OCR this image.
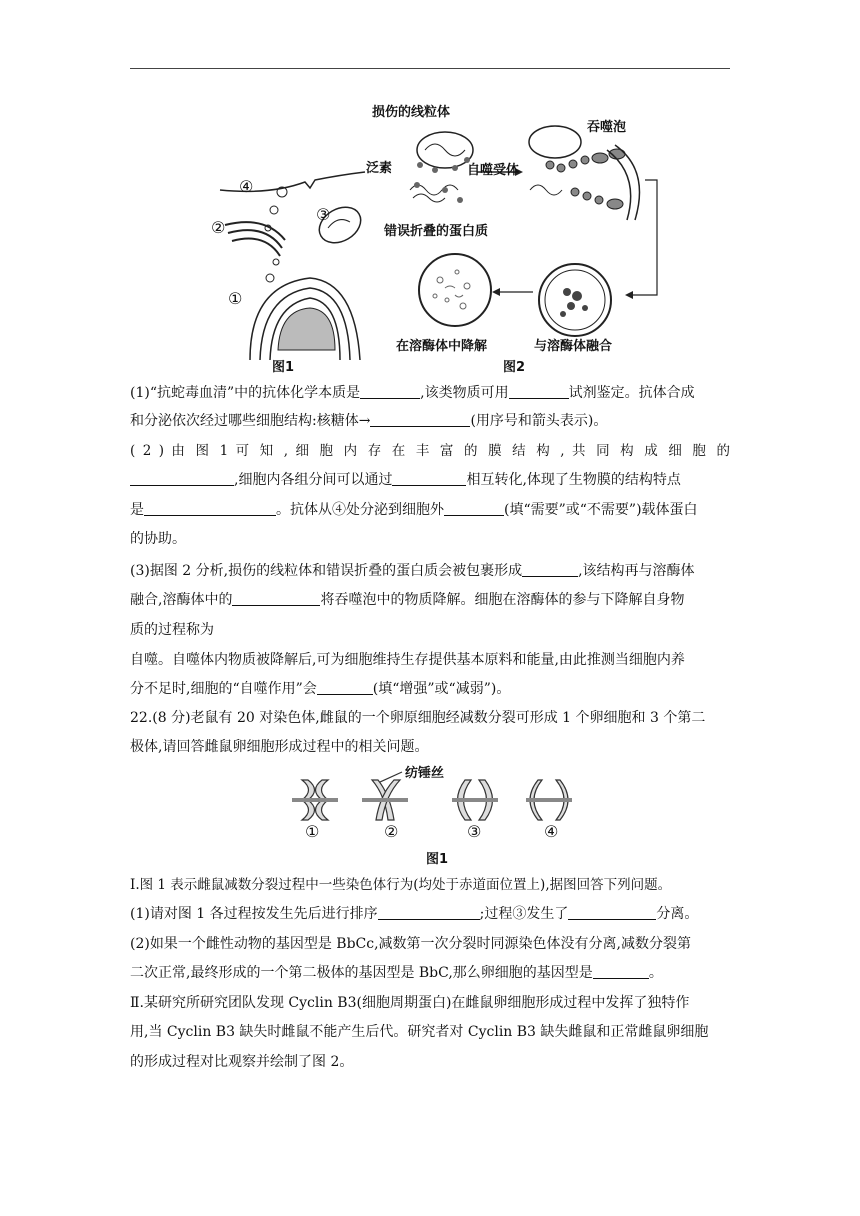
④
②
③
①
图1
损伤的线粒体
吞噬泡
泛素	自噬受体
错误折叠的蛋白质
在溶酶体中降解	与溶酶体融合
图2
(1)“抗蛇毒血清”中的抗体化学本质是	,该类物质可用	试剂鉴定。抗体合成
和分泌依次经过哪些细胞结构:核糖体→	(用序号和箭头表示)。
( 2 ) 由 图 1 可 知 , 细 胞 内 存 在 丰 富 的 膜 结 构 , 共 同 构 成 细 胞 的
,细胞内各组分间可以通过	相互转化,体现了生物膜的结构特点
是	。抗体从④处分泌到细胞外	(填“需要”或“不需要”)载体蛋白
的协助。
(3)据图 2 分析,损伤的线粒体和错误折叠的蛋白质会被包裹形成	,该结构再与溶酶体
融合,溶酶体中的	将吞噬泡中的物质降解。细胞在溶酶体的参与下降解自身物
质的过程称为
自噬。自噬体内物质被降解后,可为细胞维持生存提供基本原料和能量,由此推测当细胞内养
分不足时,细胞的“自噬作用”会	(填“增强”或“减弱”)。
22.(8 分)老鼠有 20 对染色体,雌鼠的一个卵原细胞经减数分裂可形成 1 个卵细胞和 3 个第二
极体,请回答雌鼠卵细胞形成过程中的相关问题。
纺锤丝
①	②	③	④
图1
Ⅰ.图 1 表示雌鼠减数分裂过程中一些染色体行为(均处于赤道面位置上),据图回答下列问题。
(1)请对图 1 各过程按发生先后进行排序	;过程③发生了	分离。
(2)如果一个雌性动物的基因型是 BbCc,减数第一次分裂时同源染色体没有分离,减数分裂第
二次正常,最终形成的一个第二极体的基因型是 BbC,那么卵细胞的基因型是	。
Ⅱ.某研究所研究团队发现 Cyclin B3(细胞周期蛋白)在雌鼠卵细胞形成过程中发挥了独特作
用,当 Cyclin B3 缺失时雌鼠不能产生后代。研究者对 Cyclin B3 缺失雌鼠和正常雌鼠卵细胞
的形成过程对比观察并绘制了图 2。
